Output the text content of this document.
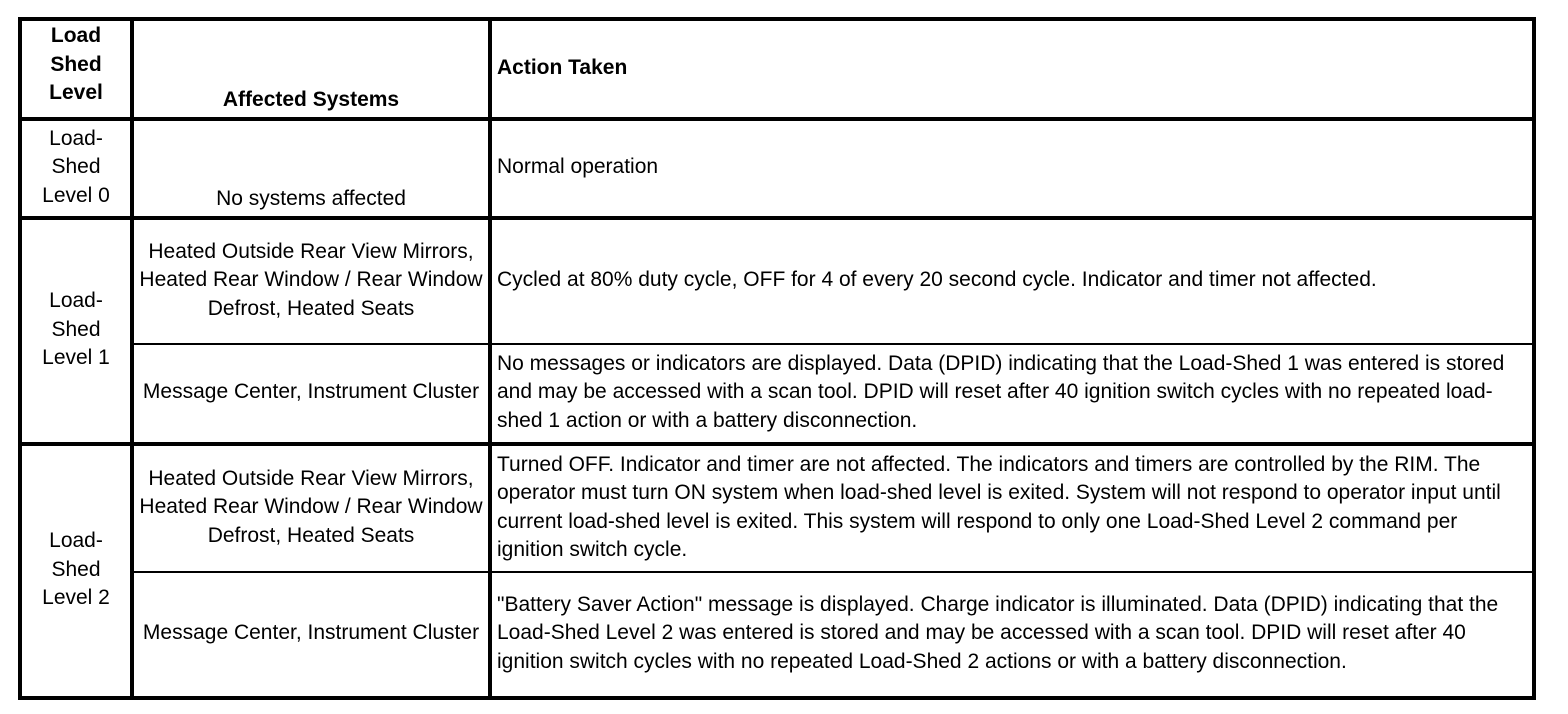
Load Shed Level	Affected Systems	Action Taken
Load-Shed Level 0	No systems affected	Normal operation
Load-Shed Level 1	Heated Outside Rear View Mirrors, Heated Rear Window / Rear Window Defrost, Heated Seats	Cycled at 80% duty cycle, OFF for 4 of every 20 second cycle. Indicator and timer not affected.
	Message Center, Instrument Cluster	No messages or indicators are displayed. Data (DPID) indicating that the Load-Shed 1 was entered is stored and may be accessed with a scan tool. DPID will reset after 40 ignition switch cycles with no repeated load-shed 1 action or with a battery disconnection.
Load-Shed Level 2	Heated Outside Rear View Mirrors, Heated Rear Window / Rear Window Defrost, Heated Seats	Turned OFF. Indicator and timer are not affected. The indicators and timers are controlled by the RIM. The operator must turn ON system when load-shed level is exited. System will not respond to operator input until current load-shed level is exited. This system will respond to only one Load-Shed Level 2 command per ignition switch cycle.
	Message Center, Instrument Cluster	"Battery Saver Action" message is displayed. Charge indicator is illuminated. Data (DPID) indicating that the Load-Shed Level 2 was entered is stored and may be accessed with a scan tool. DPID will reset after 40 ignition switch cycles with no repeated Load-Shed 2 actions or with a battery disconnection.
